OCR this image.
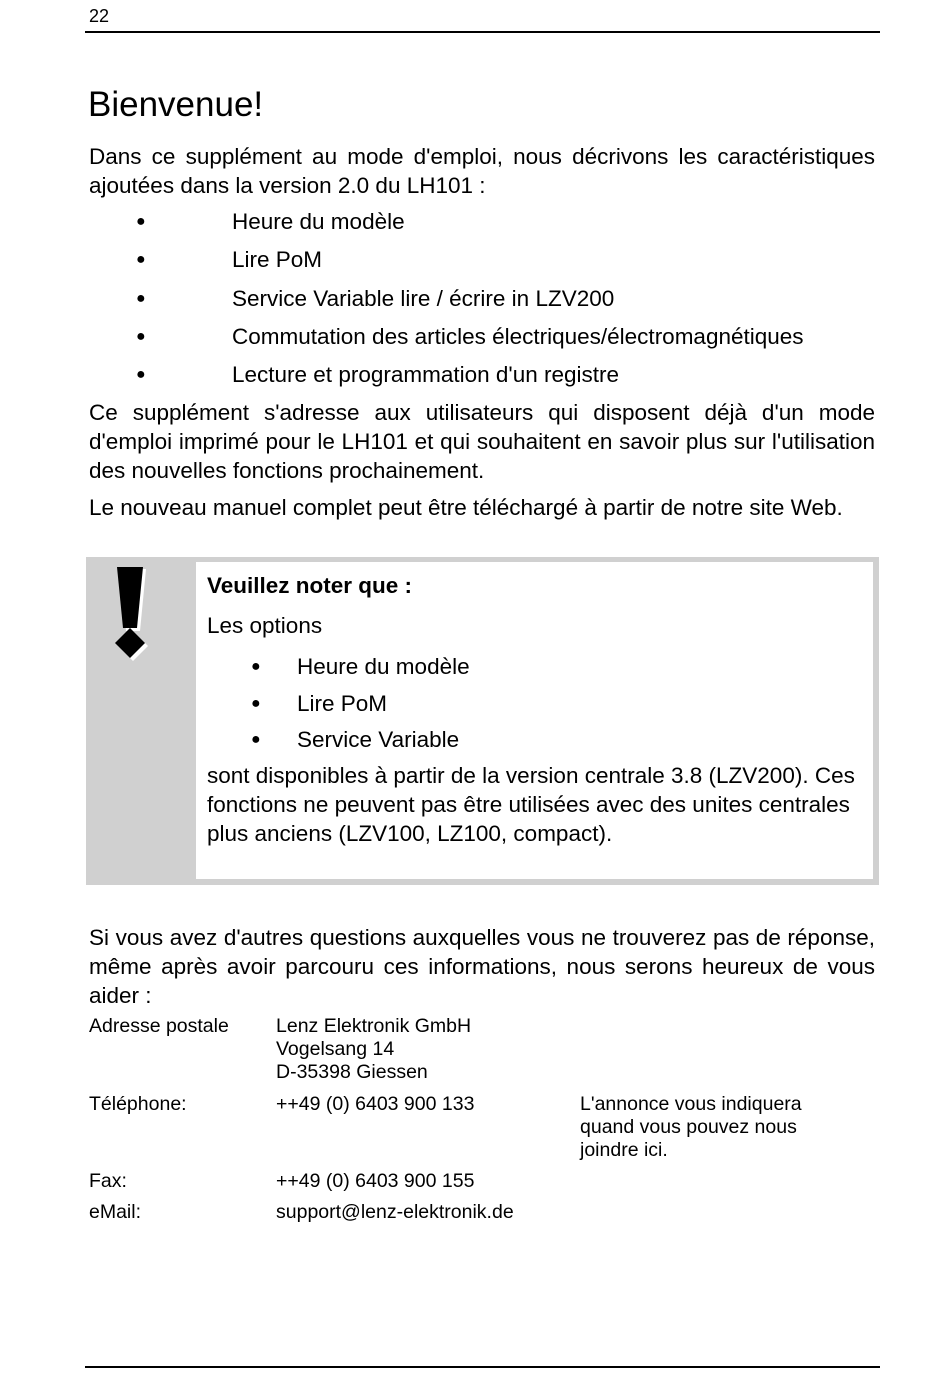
22
Bienvenue!

Dans ce supplément au mode d'emploi, nous décrivons les caractéristiques ajoutées dans la version 2.0 du LH101 :

●	Heure du modèle
●	Lire PoM
●	Service Variable lire / écrire in LZV200
●	Commutation des articles électriques/électromagnétiques
●	Lecture et programmation d'un registre

Ce supplément s'adresse aux utilisateurs qui disposent déjà d'un mode d'emploi imprimé pour le LH101 et qui souhaitent en savoir plus sur l'utilisation des nouvelles fonctions prochainement.

Le nouveau manuel complet peut être téléchargé à partir de notre site Web.

Veuillez noter que :

Les options

● Heure du modèle
● Lire PoM
● Service Variable

sont disponibles à partir de la version centrale 3.8 (LZV200). Ces fonctions ne peuvent pas être utilisées avec des unites centrales plus anciens (LZV100, LZ100, compact).

Si vous avez d'autres questions auxquelles vous ne trouverez pas de réponse, même après avoir parcouru ces informations, nous serons heureux de vous aider :

Adresse postale Lenz Elektronik GmbH
Vogelsang 14
D-35398 Giessen
Téléphone:	++49 (0) 6403 900 133	L'annonce vous indiquera
quand vous pouvez nous
joindre ici.
Fax:	++49 (0) 6403 900 155
eMail:	support@lenz-elektronik.de
